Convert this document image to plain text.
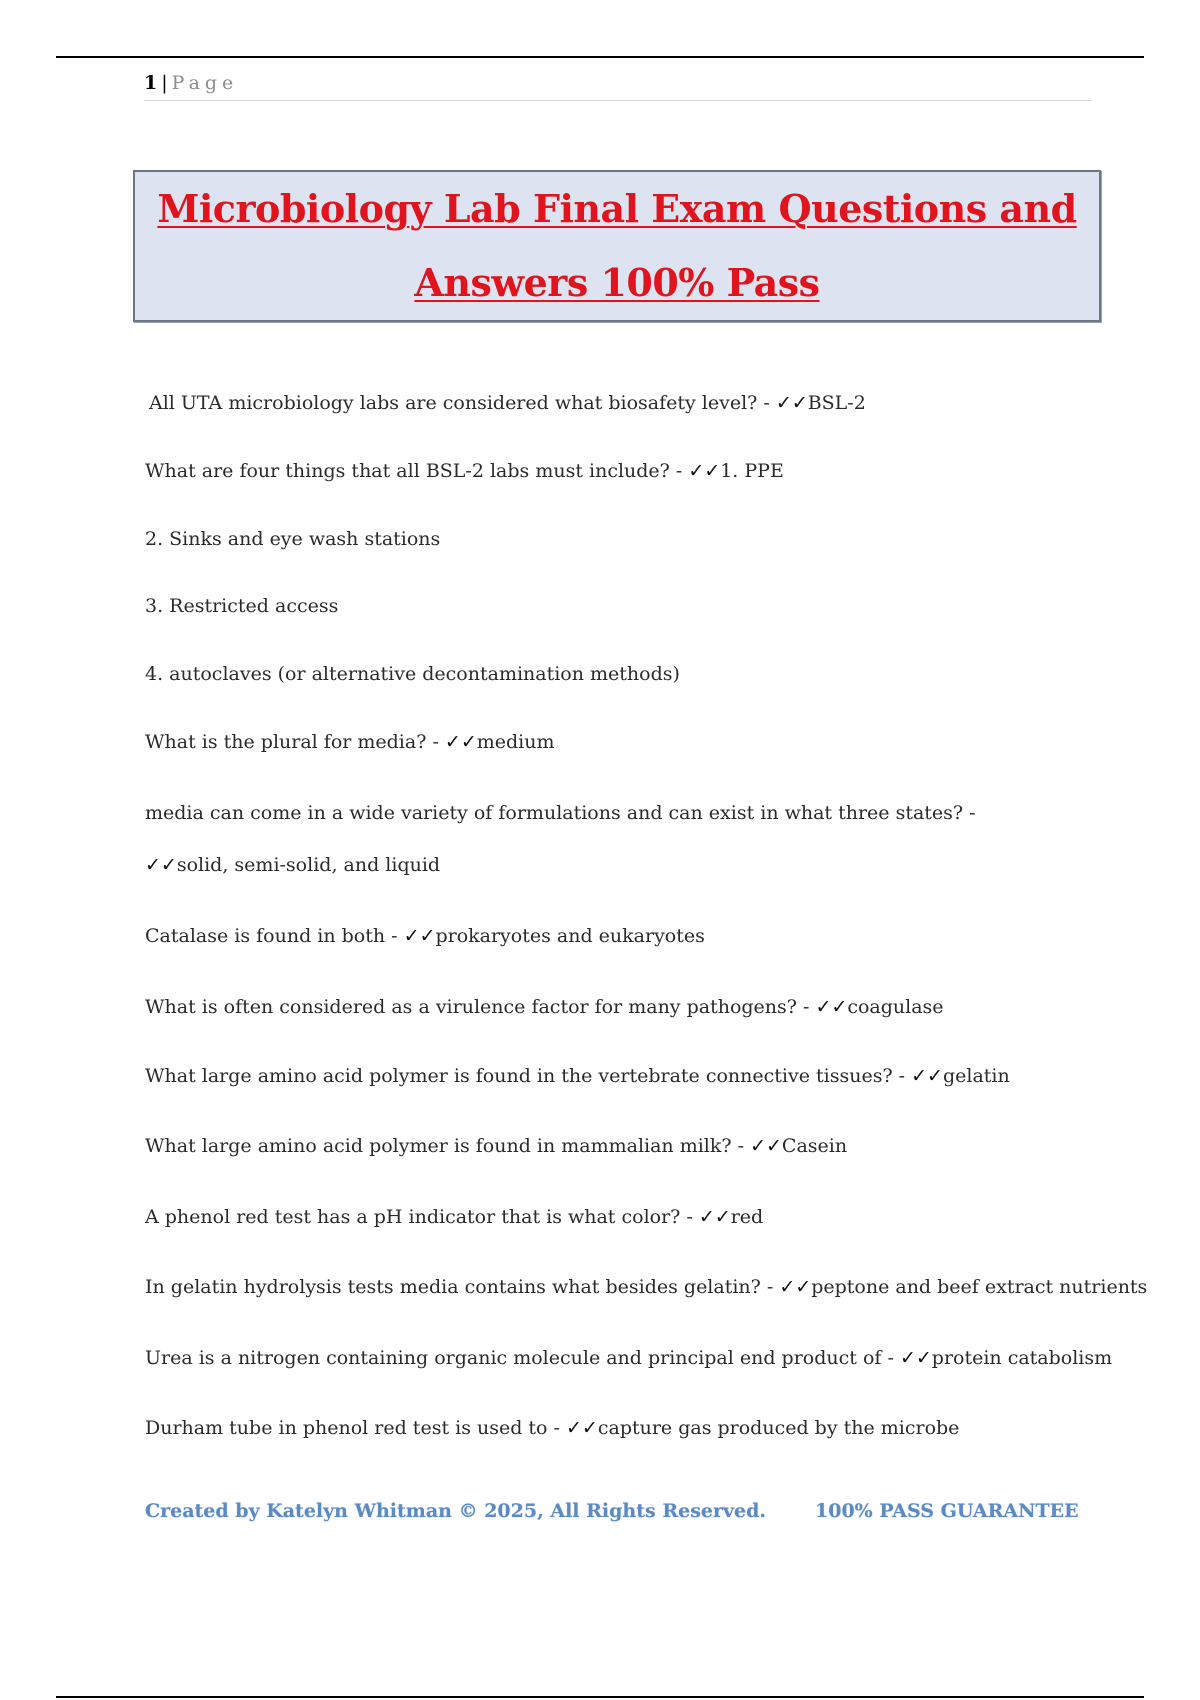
1 | Page
Microbiology Lab Final Exam Questions and
Answers 100% Pass
All UTA microbiology labs are considered what biosafety level? - ✓✓BSL-2
What are four things that all BSL-2 labs must include? - ✓✓1. PPE
2. Sinks and eye wash stations
3. Restricted access
4. autoclaves (or alternative decontamination methods)
What is the plural for media? - ✓✓medium
media can come in a wide variety of formulations and can exist in what three states? - ✓✓solid, semi-solid, and liquid
Catalase is found in both - ✓✓prokaryotes and eukaryotes
What is often considered as a virulence factor for many pathogens? - ✓✓coagulase
What large amino acid polymer is found in the vertebrate connective tissues? - ✓✓gelatin
What large amino acid polymer is found in mammalian milk? - ✓✓Casein
A phenol red test has a pH indicator that is what color? - ✓✓red
In gelatin hydrolysis tests media contains what besides gelatin? - ✓✓peptone and beef extract nutrients
Urea is a nitrogen containing organic molecule and principal end product of - ✓✓protein catabolism
Durham tube in phenol red test is used to - ✓✓capture gas produced by the microbe
Created by Katelyn Whitman © 2025, All Rights Reserved.	100% PASS GUARANTEE
